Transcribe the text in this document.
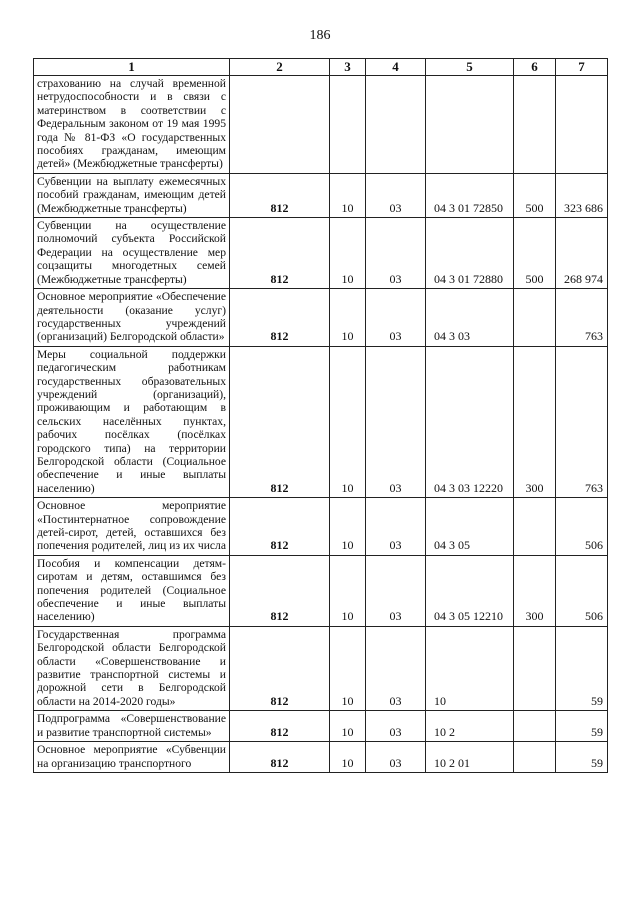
186
1	2	3	4	5	6	7
страхованию на случай временной нетрудоспособности и в связи с материнством в соответствии с Федеральным законом от 19 мая 1995 года № 81-ФЗ «О государственных пособиях гражданам, имеющим детей» (Межбюджетные трансферты)						
Субвенции на выплату ежемесячных пособий гражданам, имеющим детей (Межбюджетные трансферты)	812	10	03	04 3 01 72850	500	323 686
Субвенции на осуществление полномочий субъекта Российской Федерации на осуществление мер соцзащиты многодетных семей (Межбюджетные трансферты)	812	10	03	04 3 01 72880	500	268 974
Основное мероприятие «Обеспечение деятельности (оказание услуг) государственных учреждений (организаций) Белгородской области»	812	10	03	04 3 03		763
Меры социальной поддержки педагогическим работникам государственных образовательных учреждений (организаций), проживающим и работающим в сельских населённых пунктах, рабочих посёлках (посёлках городского типа) на территории Белгородской области (Социальное обеспечение и иные выплаты населению)	812	10	03	04 3 03 12220	300	763
Основное мероприятие «Постинтернатное сопровождение детей-сирот, детей, оставшихся без попечения родителей, лиц из их числа	812	10	03	04 3 05		506
Пособия и компенсации детям-сиротам и детям, оставшимся без попечения родителей (Социальное обеспечение и иные выплаты населению)	812	10	03	04 3 05 12210	300	506
Государственная программа Белгородской области Белгородской области «Совершенствование и развитие транспортной системы и дорожной сети в Белгородской области на 2014-2020 годы»	812	10	03	10		59
Подпрограмма «Совершенствование и развитие транспортной системы»	812	10	03	10 2		59
Основное мероприятие «Субвенции на организацию транспортного	812	10	03	10 2 01		59
